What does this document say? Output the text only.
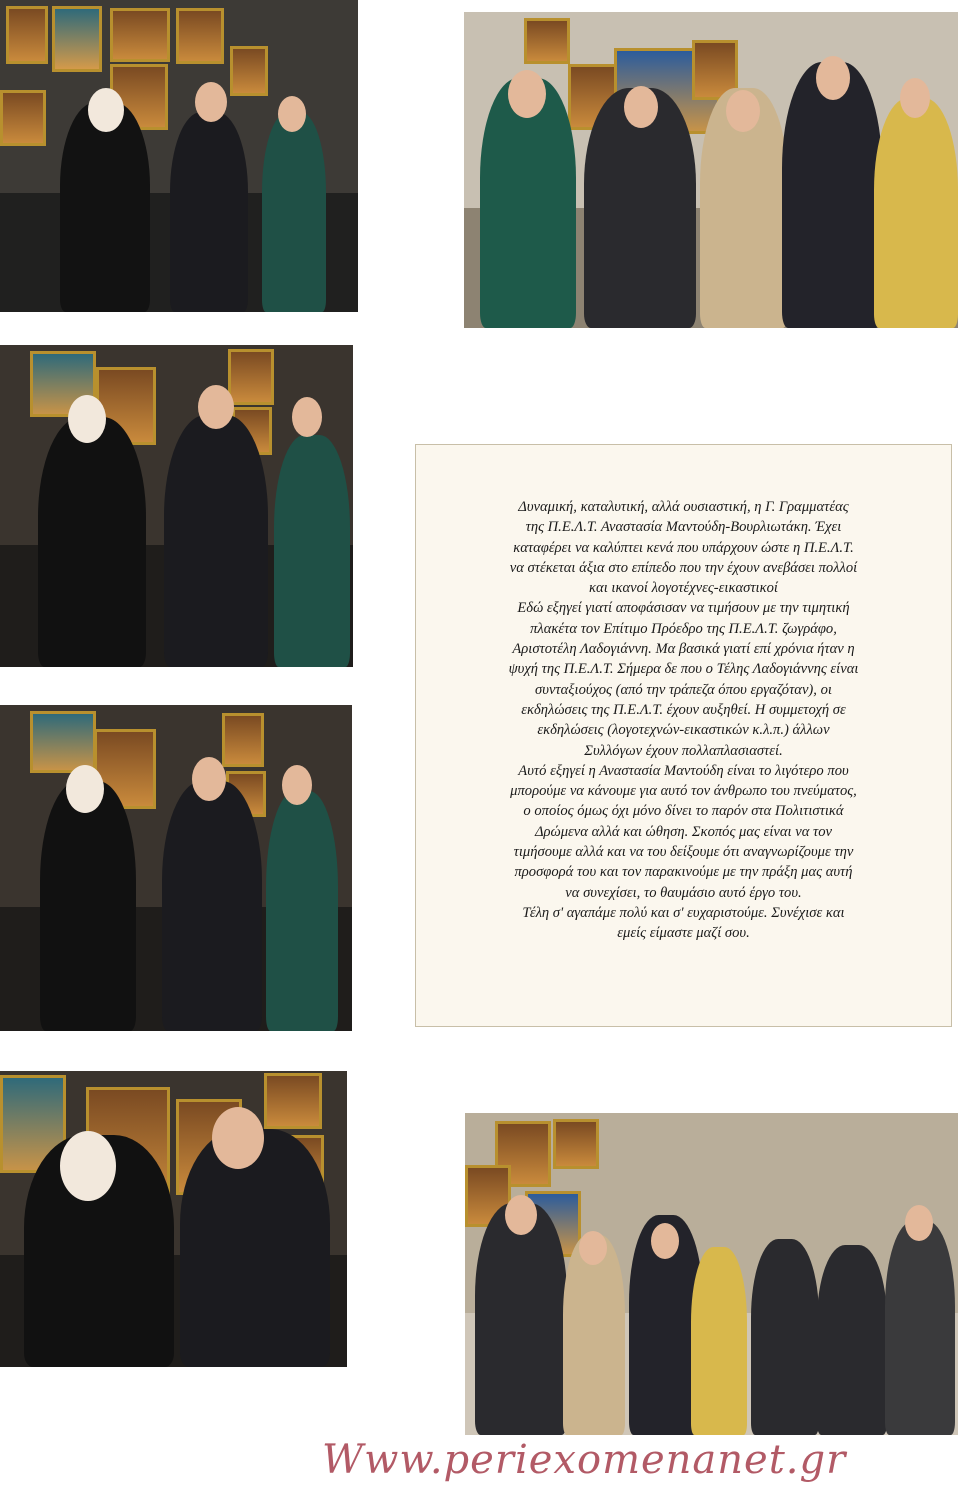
Δυναμική, καταλυτική, αλλά ουσιαστική, η Γ. Γραμματέας
της Π.Ε.Λ.Τ. Αναστασία Μαντούδη-Βουρλιωτάκη. Έχει
καταφέρει να καλύπτει κενά που υπάρχουν ώστε η Π.Ε.Λ.Τ.
να στέκεται άξια στο επίπεδο που την έχουν ανεβάσει πολλοί
και ικανοί λογοτέχνες-εικαστικοί
Εδώ εξηγεί γιατί αποφάσισαν να τιμήσουν με την τιμητική
πλακέτα τον Επίτιμο Πρόεδρο της Π.Ε.Λ.Τ. ζωγράφο,
Αριστοτέλη Λαδογιάννη. Μα βασικά γιατί επί χρόνια ήταν η
ψυχή της Π.Ε.Λ.Τ. Σήμερα δε που ο Τέλης Λαδογιάννης είναι
συνταξιούχος (από την τράπεζα όπου εργαζόταν), οι
εκδηλώσεις της Π.Ε.Λ.Τ. έχουν αυξηθεί. Η συμμετοχή σε
εκδηλώσεις (λογοτεχνών-εικαστικών κ.λ.π.) άλλων
Συλλόγων έχουν πολλαπλασιαστεί.
Αυτό εξηγεί η Αναστασία Μαντούδη είναι το λιγότερο που
μπορούμε να κάνουμε για αυτό τον άνθρωπο του πνεύματος,
ο οποίος όμως όχι μόνο δίνει το παρόν στα Πολιτιστικά
Δρώμενα αλλά και ώθηση. Σκοπός μας είναι να τον
τιμήσουμε αλλά και να του δείξουμε ότι αναγνωρίζουμε την
προσφορά του και τον παρακινούμε με την πράξη μας αυτή
να συνεχίσει, το θαυμάσιο αυτό έργο του.
Τέλη σ' αγαπάμε πολύ και σ' ευχαριστούμε. Συνέχισε και
εμείς είμαστε μαζί σου.
Www.periexomenanet.gr
